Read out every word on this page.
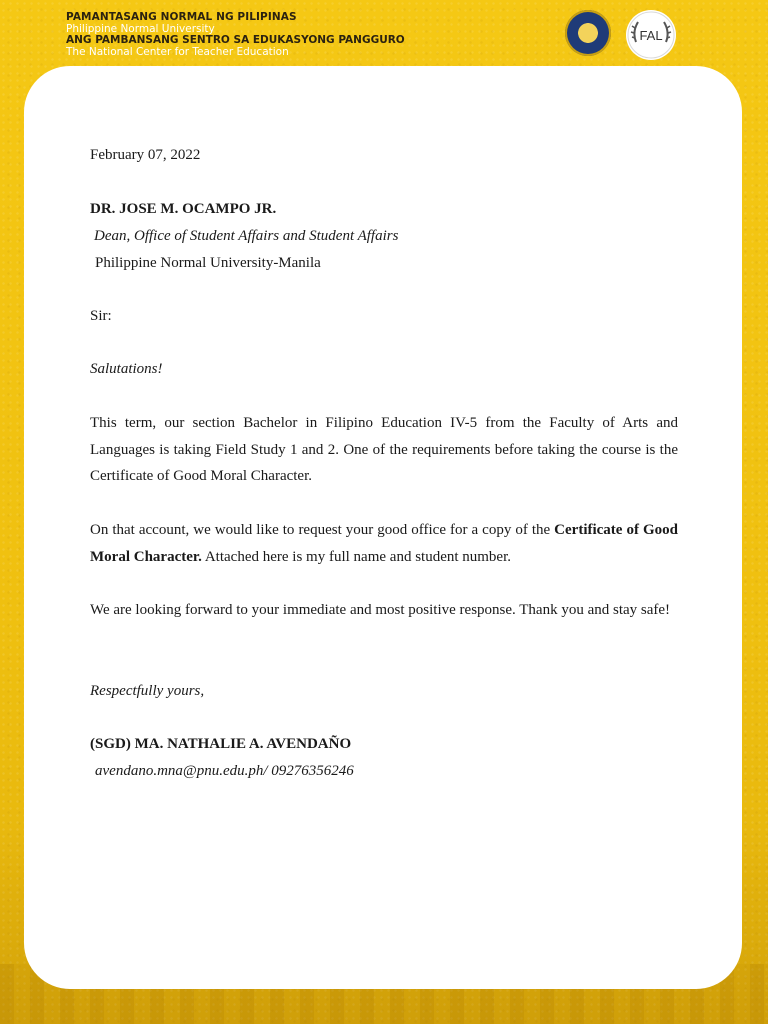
PAMANTASANG NORMAL NG PILIPINAS
Philippine Normal University
ANG PAMBANSANG SENTRO SA EDUKASYONG PANGGURO
The National Center for Teacher Education
FAL

February 07, 2022

DR. JOSE M. OCAMPO JR.

Dean, Office of Student Affairs and Student Affairs

Philippine Normal University-Manila

Sir:

Salutations!

This term, our section Bachelor in Filipino Education IV-5 from the Faculty of Arts and Languages is taking Field Study 1 and 2. One of the requirements before taking the course is the Certificate of Good Moral Character.

On that account, we would like to request your good office for a copy of the Certificate of Good Moral Character. Attached here is my full name and student number.

We are looking forward to your immediate and most positive response. Thank you and stay safe!

Respectfully yours,

(SGD) MA. NATHALIE A. AVENDAÑO

avendano.mna@pnu.edu.ph/ 09276356246
